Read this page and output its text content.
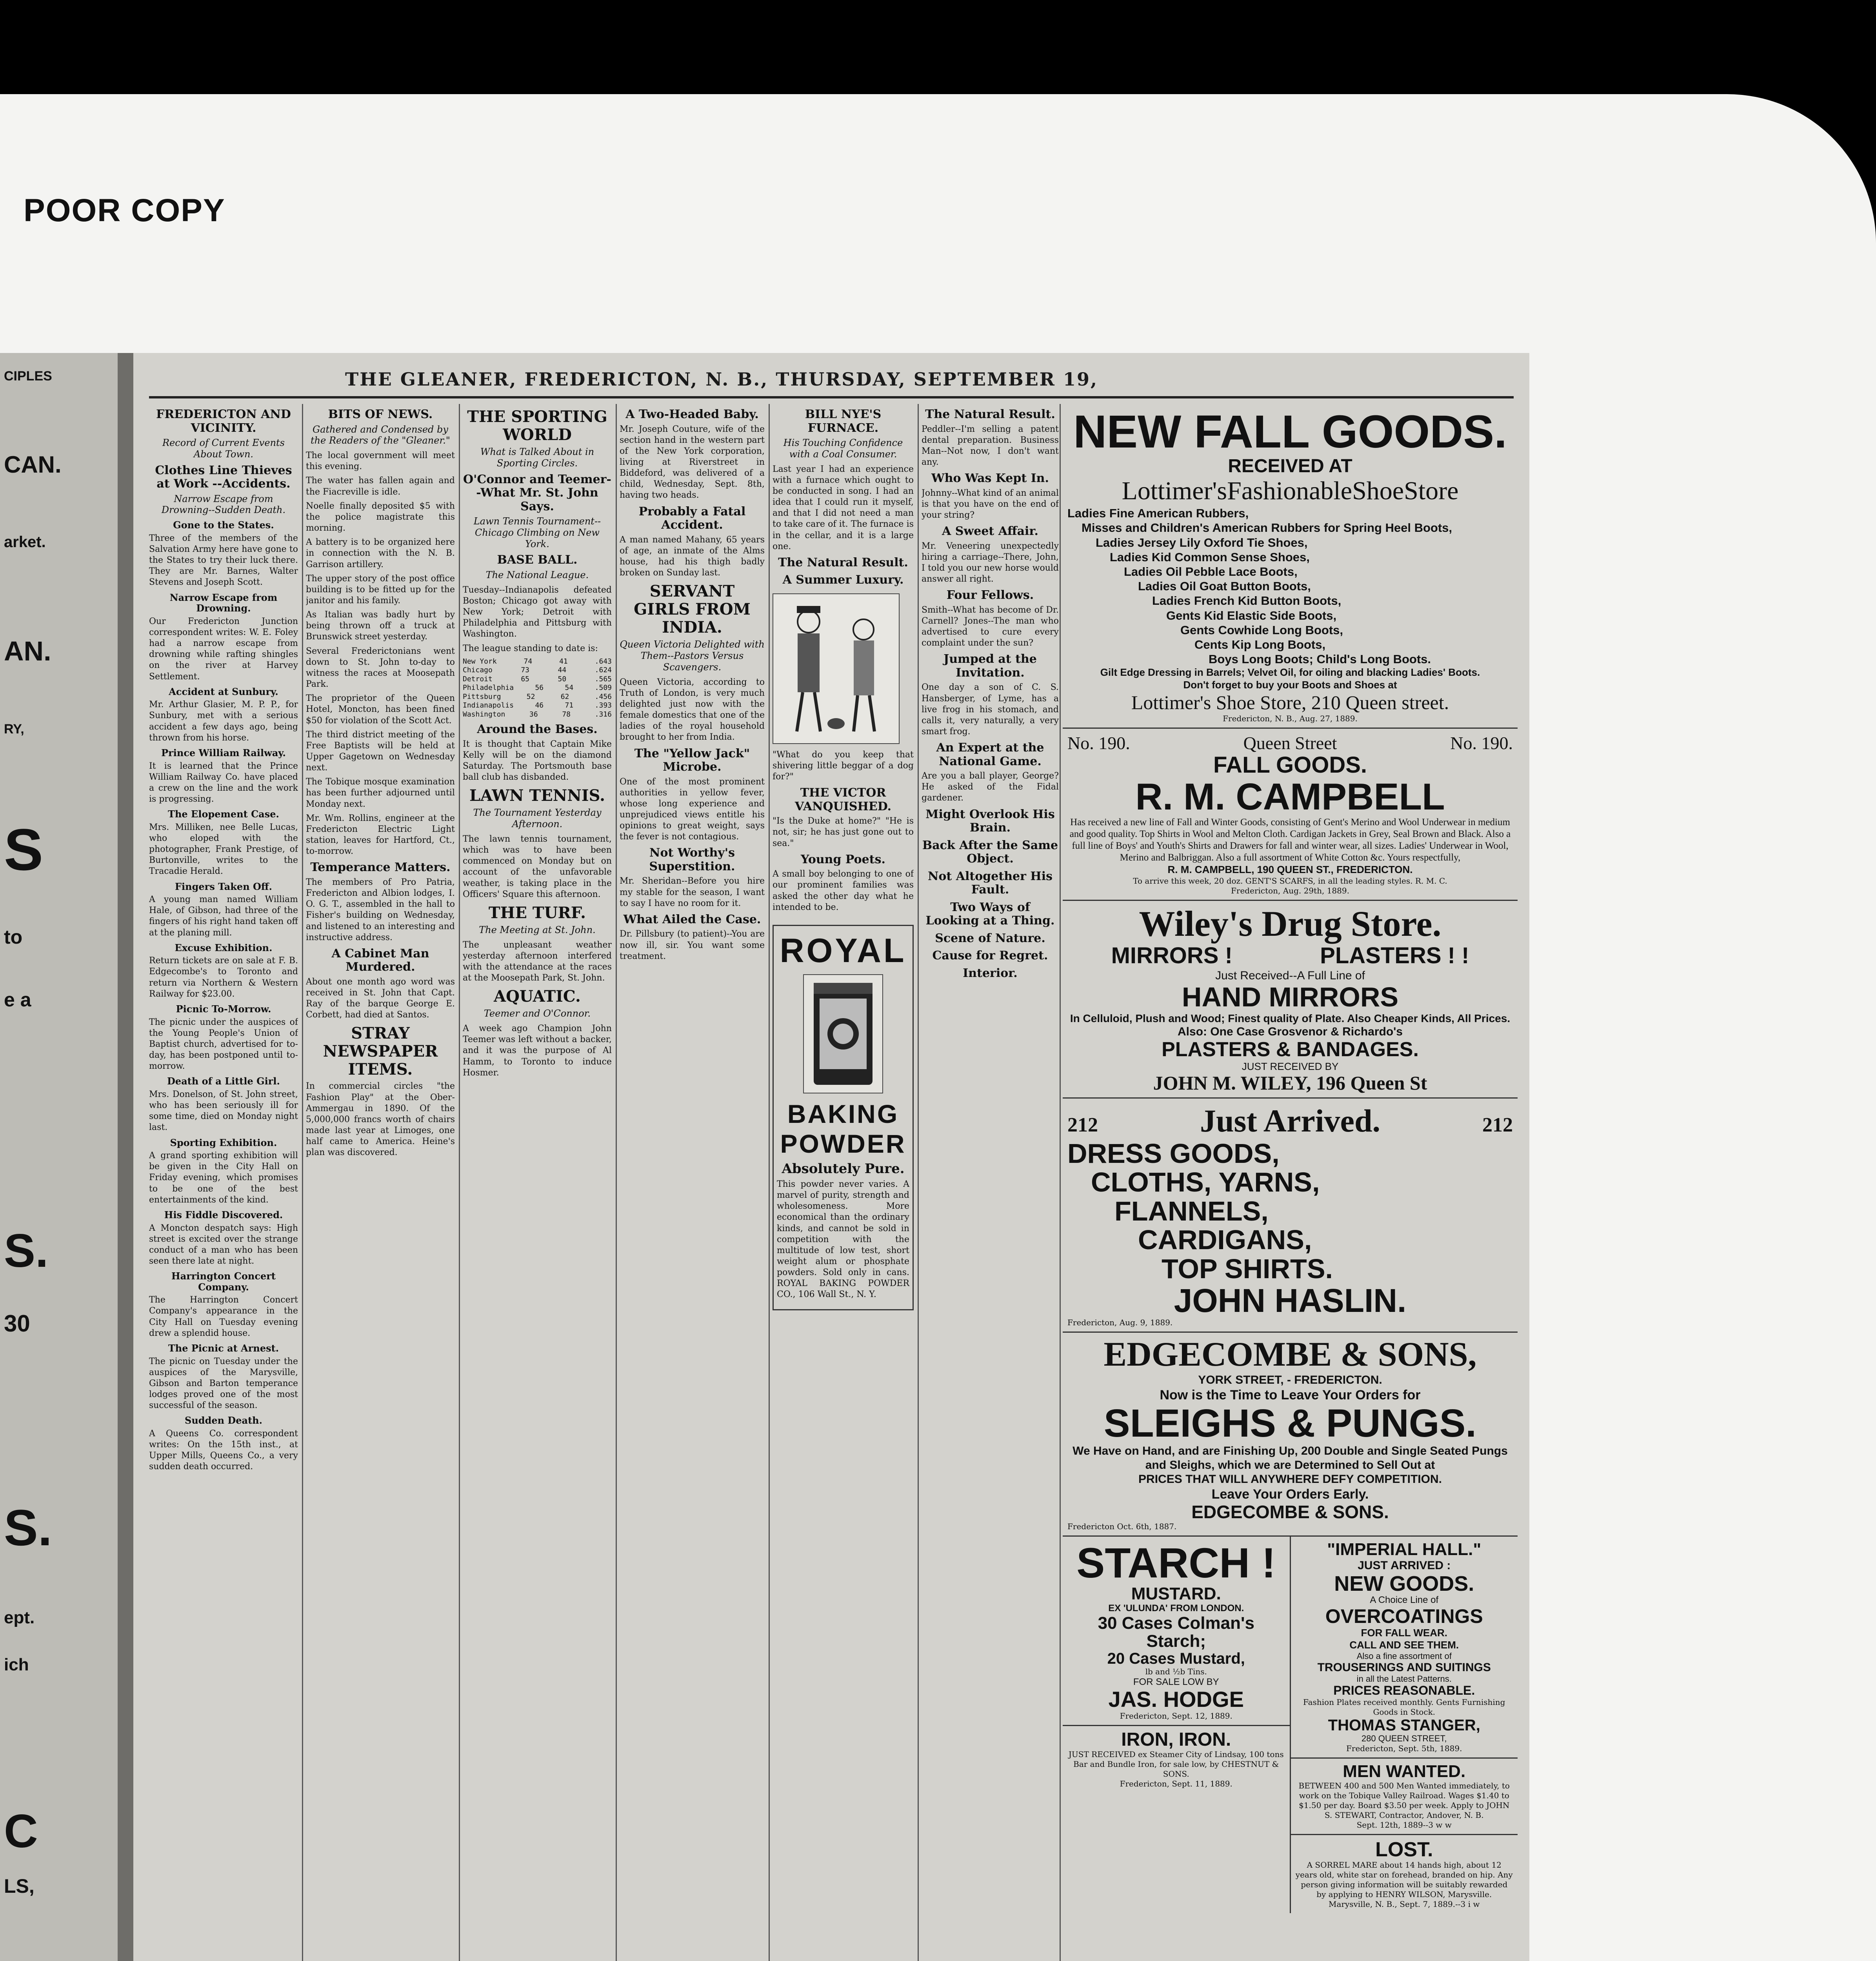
POOR COPY
CIPLES
CAN.
arket.
AN.
RY,
S
to
e a
S.
30
S.
ept.
ich
C
LS,
THE GLEANER, FREDERICTON, N. B., THURSDAY, SEPTEMBER 19,
FREDERICTON AND VICINITY.
Record of Current Events About Town.
Clothes Line Thieves at Work --Accidents.
Narrow Escape from Drowning--Sudden Death.
Gone to the States.

Three of the members of the Salvation Army here have gone to the States to try their luck there. They are Mr. Barnes, Walter Stevens and Joseph Scott.

Narrow Escape from Drowning.

Our Fredericton Junction correspondent writes: W. E. Foley had a narrow escape from drowning while rafting shingles on the river at Harvey Settlement.

Accident at Sunbury.

Mr. Arthur Glasier, M. P. P., for Sunbury, met with a serious accident a few days ago, being thrown from his horse.

Prince William Railway.

It is learned that the Prince William Railway Co. have placed a crew on the line and the work is progressing.

The Elopement Case.

Mrs. Milliken, nee Belle Lucas, who eloped with the photographer, Frank Prestige, of Burtonville, writes to the Tracadie Herald.

Fingers Taken Off.

A young man named William Hale, of Gibson, had three of the fingers of his right hand taken off at the planing mill.

Excuse Exhibition.

Return tickets are on sale at F. B. Edgecombe's to Toronto and return via Northern & Western Railway for $23.00.

Picnic To-Morrow.

The picnic under the auspices of the Young People's Union of Baptist church, advertised for to-day, has been postponed until to-morrow.

Death of a Little Girl.

Mrs. Donelson, of St. John street, who has been seriously ill for some time, died on Monday night last.

Sporting Exhibition.

A grand sporting exhibition will be given in the City Hall on Friday evening, which promises to be one of the best entertainments of the kind.

His Fiddle Discovered.

A Moncton despatch says: High street is excited over the strange conduct of a man who has been seen there late at night.

Harrington Concert Company.

The Harrington Concert Company's appearance in the City Hall on Tuesday evening drew a splendid house.

The Picnic at Arnest.

The picnic on Tuesday under the auspices of the Marysville, Gibson and Barton temperance lodges proved one of the most successful of the season.

Sudden Death.

A Queens Co. correspondent writes: On the 15th inst., at Upper Mills, Queens Co., a very sudden death occurred.

BITS OF NEWS.
Gathered and Condensed by the Readers of the "Gleaner."

The local government will meet this evening.

The water has fallen again and the Fiacreville is idle.

Noelle finally deposited $5 with the police magistrate this morning.

A battery is to be organized here in connection with the N. B. Garrison artillery.

The upper story of the post office building is to be fitted up for the janitor and his family.

As Italian was badly hurt by being thrown off a truck at Brunswick street yesterday.

Several Frederictonians went down to St. John to-day to witness the races at Moosepath Park.

The proprietor of the Queen Hotel, Moncton, has been fined $50 for violation of the Scott Act.

The third district meeting of the Free Baptists will be held at Upper Gagetown on Wednesday next.

The Tobique mosque examination has been further adjourned until Monday next.

Mr. Wm. Rollins, engineer at the Fredericton Electric Light station, leaves for Hartford, Ct., to-morrow.

Temperance Matters.

The members of Pro Patria, Fredericton and Albion lodges, I. O. G. T., assembled in the hall to Fisher's building on Wednesday, and listened to an interesting and instructive address.

A Cabinet Man Murdered.

About one month ago word was received in St. John that Capt. Ray of the barque George E. Corbett, had died at Santos.

STRAY NEWSPAPER ITEMS.

In commercial circles "the Fashion Play" at the Ober-Ammergau in 1890. Of the 5,000,000 francs worth of chairs made last year at Limoges, one half came to America. Heine's plan was discovered.

THE SPORTING WORLD
What is Talked About in Sporting Circles.
O'Connor and Teemer--What Mr. St. John Says.
Lawn Tennis Tournament--Chicago Climbing on New York.
BASE BALL.
The National League.

Tuesday--Indianapolis defeated Boston; Chicago got away with New York; Detroit with Philadelphia and Pittsburg with Washington.

The league standing to date is:

New York	74	41	.643
Chicago	73	44	.624
Detroit	65	50	.565
Philadelphia	56	54	.509
Pittsburg	52	62	.456
Indianapolis	46	71	.393
Washington	36	78	.316
Around the Bases.

It is thought that Captain Mike Kelly will be on the diamond Saturday. The Portsmouth base ball club has disbanded.

LAWN TENNIS.
The Tournament Yesterday Afternoon.

The lawn tennis tournament, which was to have been commenced on Monday but on account of the unfavorable weather, is taking place in the Officers' Square this afternoon.

THE TURF.
The Meeting at St. John.

The unpleasant weather yesterday afternoon interfered with the attendance at the races at the Moosepath Park, St. John.

AQUATIC.
Teemer and O'Connor.

A week ago Champion John Teemer was left without a backer, and it was the purpose of Al Hamm, to Toronto to induce Hosmer.

A Two-Headed Baby.

Mr. Joseph Couture, wife of the section hand in the western part of the New York corporation, living at Riverstreet in Biddeford, was delivered of a child, Wednesday, Sept. 8th, having two heads.

Probably a Fatal Accident.

A man named Mahany, 65 years of age, an inmate of the Alms house, had his thigh badly broken on Sunday last.

SERVANT GIRLS FROM INDIA.
Queen Victoria Delighted with Them--Pastors Versus Scavengers.

Queen Victoria, according to Truth of London, is very much delighted just now with the female domestics that one of the ladies of the royal household brought to her from India.

The "Yellow Jack" Microbe.

One of the most prominent authorities in yellow fever, whose long experience and unprejudiced views entitle his opinions to great weight, says the fever is not contagious.

Not Worthy's Superstition.

Mr. Sheridan--Before you hire my stable for the season, I want to say I have no room for it.

What Ailed the Case.

Dr. Pillsbury (to patient)--You are now ill, sir. You want some treatment.

BILL NYE'S FURNACE.
His Touching Confidence with a Coal Consumer.

Last year I had an experience with a furnace which ought to be conducted in song. I had an idea that I could run it myself, and that I did not need a man to take care of it. The furnace is in the cellar, and it is a large one.

The Natural Result.
A Summer Luxury.

"What do you keep that shivering little beggar of a dog for?"

THE VICTOR VANQUISHED.

"Is the Duke at home?" "He is not, sir; he has just gone out to sea."

Young Poets.

A small boy belonging to one of our prominent families was asked the other day what he intended to be.

ROYAL
BAKING
POWDER
Absolutely Pure.

This powder never varies. A marvel of purity, strength and wholesomeness. More economical than the ordinary kinds, and cannot be sold in competition with the multitude of low test, short weight alum or phosphate powders. Sold only in cans. ROYAL BAKING POWDER CO., 106 Wall St., N. Y.

The Natural Result.

Peddler--I'm selling a patent dental preparation. Business Man--Not now, I don't want any.

Who Was Kept In.

Johnny--What kind of an animal is that you have on the end of your string?

A Sweet Affair.

Mr. Veneering unexpectedly hiring a carriage--There, John, I told you our new horse would answer all right.

Four Fellows.

Smith--What has become of Dr. Carnell? Jones--The man who advertised to cure every complaint under the sun?

Jumped at the Invitation.

One day a son of C. S. Hansberger, of Lyme, has a live frog in his stomach, and calls it, very naturally, a very smart frog.

An Expert at the National Game.

Are you a ball player, George? He asked of the Fidal gardener.

Might Overlook His Brain.
Back After the Same Object.
Not Altogether His Fault.
Two Ways of Looking at a Thing.
Scene of Nature.
Cause for Regret.
Interior.
NEW FALL GOODS.
RECEIVED AT
Lottimer'sFashionableShoeStore
Ladies Fine American Rubbers,
Misses and Children's American Rubbers for Spring Heel Boots,
Ladies Jersey Lily Oxford Tie Shoes,
Ladies Kid Common Sense Shoes,
Ladies Oil Pebble Lace Boots,
Ladies Oil Goat Button Boots,
Ladies French Kid Button Boots,
Gents Kid Elastic Side Boots,
Gents Cowhide Long Boots,
Cents Kip Long Boots,
Boys Long Boots; Child's Long Boots.
Gilt Edge Dressing in Barrels; Velvet Oil, for oiling and blacking Ladies' Boots.
Don't forget to buy your Boots and Shoes at
Lottimer's Shoe Store, 210 Queen street.
Fredericton, N. B., Aug. 27, 1889.
No. 190.	Queen Street	No. 190.
FALL GOODS.
R. M. CAMPBELL
Has received a new line of Fall and Winter Goods, consisting of Gent's Merino and Wool Underwear in medium and good quality. Top Shirts in Wool and Melton Cloth. Cardigan Jackets in Grey, Seal Brown and Black. Also a full line of Boys' and Youth's Shirts and Drawers for fall and winter wear, all sizes. Ladies' Underwear in Wool, Merino and Balbriggan. Also a full assortment of White Cotton &c. Yours respectfully,
R. M. CAMPBELL, 190 QUEEN ST., FREDERICTON.
To arrive this week, 20 doz. GENT'S SCARFS, in all the leading styles. R. M. C.
Fredericton, Aug. 29th, 1889.
Wiley's Drug Store.
MIRRORS !	PLASTERS ! !
Just Received--A Full Line of
HAND MIRRORS
In Celluloid, Plush and Wood; Finest quality of Plate. Also Cheaper Kinds, All Prices.
Also: One Case Grosvenor & Richardo's
PLASTERS & BANDAGES.
JUST RECEIVED BY
JOHN M. WILEY, 196 Queen St
212	Just Arrived.	212
DRESS GOODS,
CLOTHS, YARNS,
FLANNELS,
CARDIGANS,
TOP SHIRTS.
JOHN HASLIN.
Fredericton, Aug. 9, 1889.
EDGECOMBE & SONS,
YORK STREET, - FREDERICTON.
Now is the Time to Leave Your Orders for
SLEIGHS & PUNGS.
We Have on Hand, and are Finishing Up, 200 Double and Single Seated Pungs and Sleighs, which we are Determined to Sell Out at
PRICES THAT WILL ANYWHERE DEFY COMPETITION.
Leave Your Orders Early.
EDGECOMBE & SONS.
Fredericton Oct. 6th, 1887.
STARCH !
MUSTARD.
EX 'ULUNDA' FROM LONDON.
30 Cases Colman's Starch;
20 Cases Mustard,
lb and ½b Tins.
FOR SALE LOW BY
JAS. HODGE
Fredericton, Sept. 12, 1889.
IRON, IRON.
JUST RECEIVED ex Steamer City of Lindsay, 100 tons Bar and Bundle Iron, for sale low, by CHESTNUT & SONS.
Fredericton, Sept. 11, 1889.
"IMPERIAL HALL."
JUST ARRIVED :
NEW GOODS.
A Choice Line of
OVERCOATINGS
FOR FALL WEAR.
CALL AND SEE THEM.
Also a fine assortment of
TROUSERINGS AND SUITINGS
in all the Latest Patterns.
PRICES REASONABLE.
Fashion Plates received monthly. Gents Furnishing Goods in Stock.
THOMAS STANGER,
280 QUEEN STREET,
Fredericton, Sept. 5th, 1889.
MEN WANTED.
BETWEEN 400 and 500 Men Wanted immediately, to work on the Tobique Valley Railroad. Wages $1.40 to $1.50 per day. Board $3.50 per week. Apply to JOHN S. STEWART, Contractor, Andover, N. B.
Sept. 12th, 1889--3 w w
LOST.
A SORREL MARE about 14 hands high, about 12 years old, white star on forehead, branded on hip. Any person giving information will be suitably rewarded by applying to HENRY WILSON, Marysville.
Marysville, N. B., Sept. 7, 1889.--3 i w
